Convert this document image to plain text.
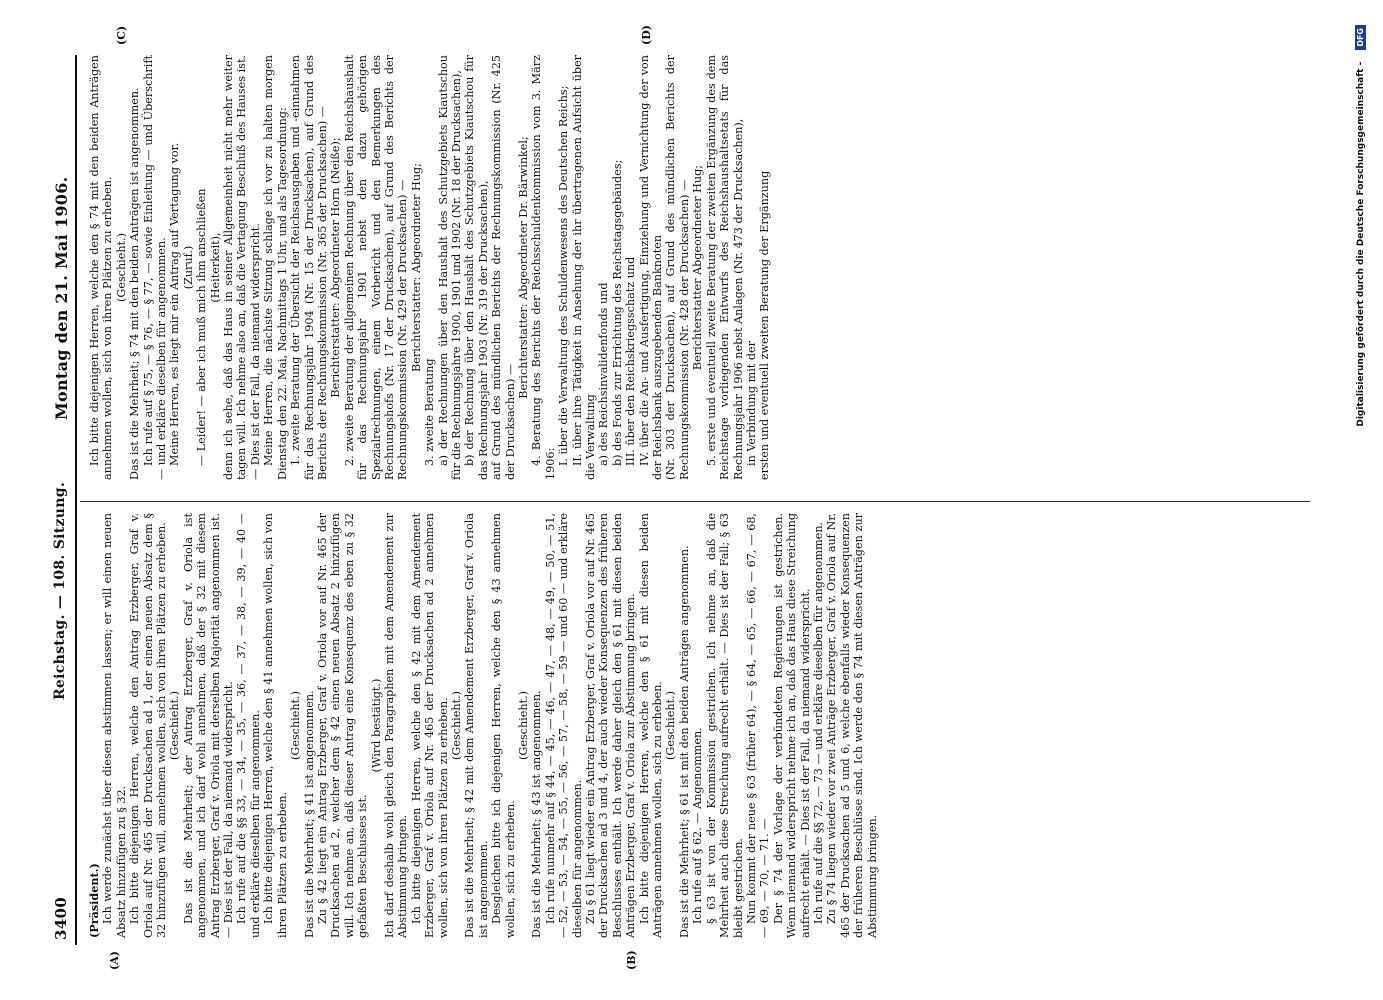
3400
Reichstag. — 108. Sitzung.
Montag den 21. Mai 1906.
(A)	(B)
(C)	(D)

(Präsident.) Ich werde zunächst über diesen abstimmen lassen; er will einen neuen Absatz hinzufügen zu § 32. Ich bitte diejenigen Herren, welche den Antrag Erzberger, Graf v. Oriola auf Nr. 465 der Drucksachen ad 1, der einen neuen Absatz dem § 32 hinzufügen will, annehmen wollen, sich von ihren Plätzen zu erheben. (Geschieht.) Das ist die Mehrheit; der Antrag Erzberger, Graf v. Oriola ist angenommen, und ich darf wohl annehmen, daß der § 32 mit diesem Antrag Erzberger, Graf v. Oriola mit derselben Majorität angenommen ist. — Dies ist der Fall, da niemand widerspricht. Ich rufe auf die §§ 33, — 34, — 35, — 36, — 37, — 38, — 39, — 40 — und erkläre dieselben für angenommen. Ich bitte diejenigen Herren, welche den § 41 annehmen wollen, sich von ihren Plätzen zu erheben.

(Geschieht.) Das ist die Mehrheit; § 41 ist angenommen. Zu § 42 liegt ein Antrag Erzberger, Graf v. Oriola vor auf Nr. 465 der Drucksachen ad 2, welcher dem § 42 einen neuen Absatz 2 hinzufügen will. Ich nehme an, daß dieser Antrag eine Konsequenz des eben zu § 32 gefaßten Beschlusses ist.

(Wird bestätigt.) Ich darf deshalb wohl gleich den Paragraphen mit dem Amendement zur Abstimmung bringen. Ich bitte diejenigen Herren, welche den § 42 mit dem Amendement Erzberger, Graf v. Oriola auf Nr. 465 der Drucksachen ad 2 annehmen wollen, sich von ihren Plätzen zu erheben. (Geschieht.) Das ist die Mehrheit; § 42 mit dem Amendement Erzberger, Graf v. Oriola ist angenommen. Desgleichen bitte ich diejenigen Herren, welche den § 43 annehmen wollen, sich zu erheben.

(Geschieht.) Das ist die Mehrheit; § 43 ist angenommen. Ich rufe nunmehr auf § 44, — 45, — 46, — 47, — 48, — 49, — 50, — 51, — 52, — 53, — 54, — 55, — 56, — 57, — 58, — 59 — und 60 — und erkläre dieselben für angenommen. Zu § 61 liegt wieder ein Antrag Erzberger, Graf v. Oriola vor auf Nr. 465 der Drucksachen ad 3 und 4, der auch wieder Konsequenzen des früheren Beschlusses enthält. Ich werde daher gleich den § 61 mit diesen beiden Anträgen Erzberger, Graf v. Oriola zur Abstimmung bringen. Ich bitte diejenigen Herren, welche den § 61 mit diesen beiden Anträgen annehmen wollen, sich zu erheben. (Geschieht.) Das ist die Mehrheit; § 61 ist mit den beiden Anträgen angenommen. Ich rufe auf § 62. — Angenommen. § 63 ist von der Kommission gestrichen. Ich nehme an, daß die Mehrheit auch diese Streichung aufrecht erhält. — Dies ist der Fall; § 63 bleibt gestrichen. Nun kommt der neue § 63 (früher 64), — § 64, — 65, — 66, — 67, — 68, — 69, — 70, — 71. — Der § 74 der Vorlage der verbündeten Regierungen ist gestrichen. Wenn niemand widerspricht nehme ich an, daß das Haus diese Streichung aufrecht erhält. — Dies ist der Fall, da niemand widerspricht. Ich rufe auf die §§ 72, — 73 — und erkläre dieselben für angenommen. Zu § 74 liegen wieder vor zwei Anträge Erzberger, Graf v. Oriola auf Nr. 465 der Drucksachen ad 5 und 6, welche ebenfalls wieder Konsequenzen der früheren Beschlüsse sind. Ich werde den § 74 mit diesen Anträgen zur Abstimmung bringen.

Ich bitte diejenigen Herren, welche den § 74 mit den beiden Anträgen annehmen wollen, sich von ihren Plätzen zu erheben. (Geschieht.) Das ist die Mehrheit; § 74 mit den beiden Anträgen ist angenommen. Ich rufe auf § 75, — § 76, — § 77, — sowie Einleitung — und Überschrift — und erkläre dieselben für angenommen. Meine Herren, es liegt mir ein Antrag auf Vertagung vor. (Zuruf.) — Leider! — aber ich muß mich ihm anschließen (Heiterkeit), denn ich sehe, daß das Haus in seiner Allgemeinheit nicht mehr weiter tagen will. Ich nehme also an, daß die Vertagung Beschluß des Hauses ist. — Dies ist der Fall, da niemand widerspricht. Meine Herren, die nächste Sitzung schlage ich vor zu halten morgen Dienstag den 22. Mai, Nachmittags 1 Uhr, und als Tagesordnung: 1. zweite Beratung der Übersicht der Reichsausgaben und -einnahmen für das Rechnungsjahr 1904 (Nr. 15 der Drucksachen), auf Grund des Berichts der Rechnungskommission (Nr. 365 der Drucksachen) — Berichterstatter: Abgeordneter Horn (Neiße); 2. zweite Beratung der allgemeinen Rechnung über den Reichshaushalt für das Rechnungsjahr 1901 nebst den dazu gehörigen Spezialrechnungen, einem Vorbericht und den Bemerkungen des Rechnungshofs (Nr. 17 der Drucksachen), auf Grund des Berichts der Rechnungskommission (Nr. 429 der Drucksachen) — Berichterstatter: Abgeordneter Hug;

3. zweite Beratung a) der Rechnungen über den Haushalt des Schutzgebiets Kiautschou für die Rechnungsjahre 1900, 1901 und 1902 (Nr. 18 der Drucksachen), b) der Rechnung über den Haushalt des Schutzgebiets Kiautschou für das Rechnungsjahr 1903 (Nr. 319 der Drucksachen), auf Grund des mündlichen Berichts der Rechnungskommission (Nr. 425 der Drucksachen) —

Berichterstatter: Abgeordneter Dr. Bärwinkel; 4. Beratung des Berichts der Reichsschuldenkommission vom 3. März 1906: I. über die Verwaltung des Schuldenwesens des Deutschen Reichs; II. über ihre Tätigkeit in Ansehung der ihr übertragenen Aufsicht über die Verwaltung a) des Reichsinvalidenfonds und b) des Fonds zur Errichtung des Reichstagsgebäudes; III. über den Reichskriegsschatz und IV. über die An- und Ausfertigung, Einziehung und Vernichtung der von der Reichsbank auszugebenden Banknoten (Nr. 303 der Drucksachen), auf Grund des mündlichen Berichts der Rechnungskommission (Nr. 428 der Drucksachen) — Berichterstatter Abgeordneter Hug; 5. erste und eventuell zweite Beratung der zweiten Ergänzung des dem Reichstage vorliegenden Entwurfs des Reichshaushaltsetats für das Rechnungsjahr 1906 nebst Anlagen (Nr. 473 der Drucksachen), in Verbindung mit der ersten und eventuell zweiten Beratung der Ergänzung	Digitalisierung gefördert durch die Deutsche Forschungsgemeinschaft -DFG
